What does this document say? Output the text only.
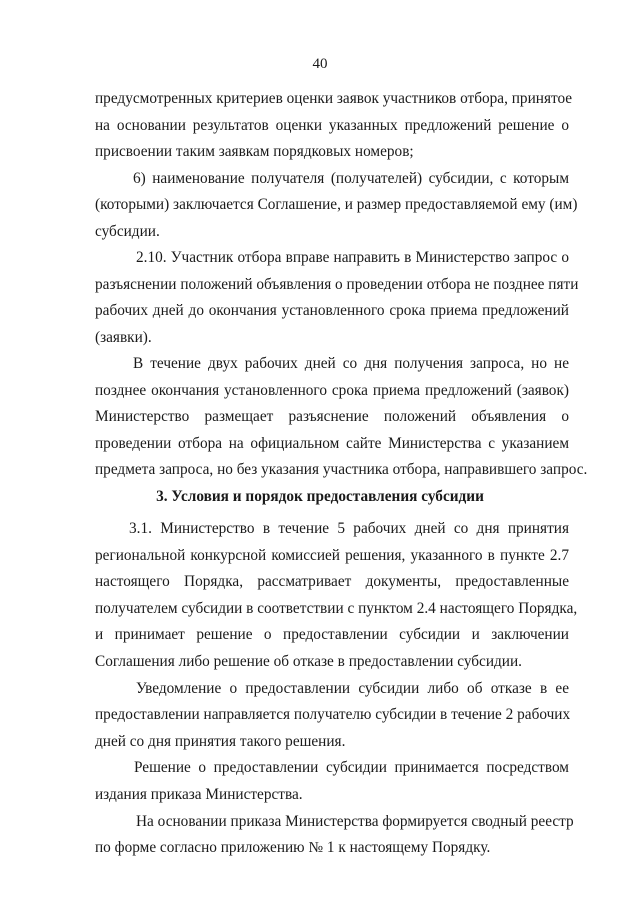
40
предусмотренных критериев оценки заявок участников отбора, принятое
на основании результатов оценки указанных предложений решение о
присвоении таким заявкам порядковых номеров;
6) наименование получателя (получателей) субсидии, с которым
(которыми) заключается Соглашение, и размер предоставляемой ему (им)
субсидии.
2.10. Участник отбора вправе направить в Министерство запрос о
разъяснении положений объявления о проведении отбора не позднее пяти
рабочих дней до окончания установленного срока приема предложений
(заявки).
В течение двух рабочих дней со дня получения запроса, но не
позднее окончания установленного срока приема предложений (заявок)
Министерство размещает разъяснение положений объявления о
проведении отбора на официальном сайте Министерства с указанием
предмета запроса, но без указания участника отбора, направившего запрос.
3. Условия и порядок предоставления субсидии
3.1. Министерство в течение 5 рабочих дней со дня принятия
региональной конкурсной комиссией решения, указанного в пункте 2.7
настоящего Порядка, рассматривает документы, предоставленные
получателем субсидии в соответствии с пунктом 2.4 настоящего Порядка,
и принимает решение о предоставлении субсидии и заключении
Соглашения либо решение об отказе в предоставлении субсидии.
Уведомление о предоставлении субсидии либо об отказе в ее
предоставлении направляется получателю субсидии в течение 2 рабочих
дней со дня принятия такого решения.
Решение о предоставлении субсидии принимается посредством
издания приказа Министерства.
На основании приказа Министерства формируется сводный реестр
по форме согласно приложению № 1 к настоящему Порядку.
